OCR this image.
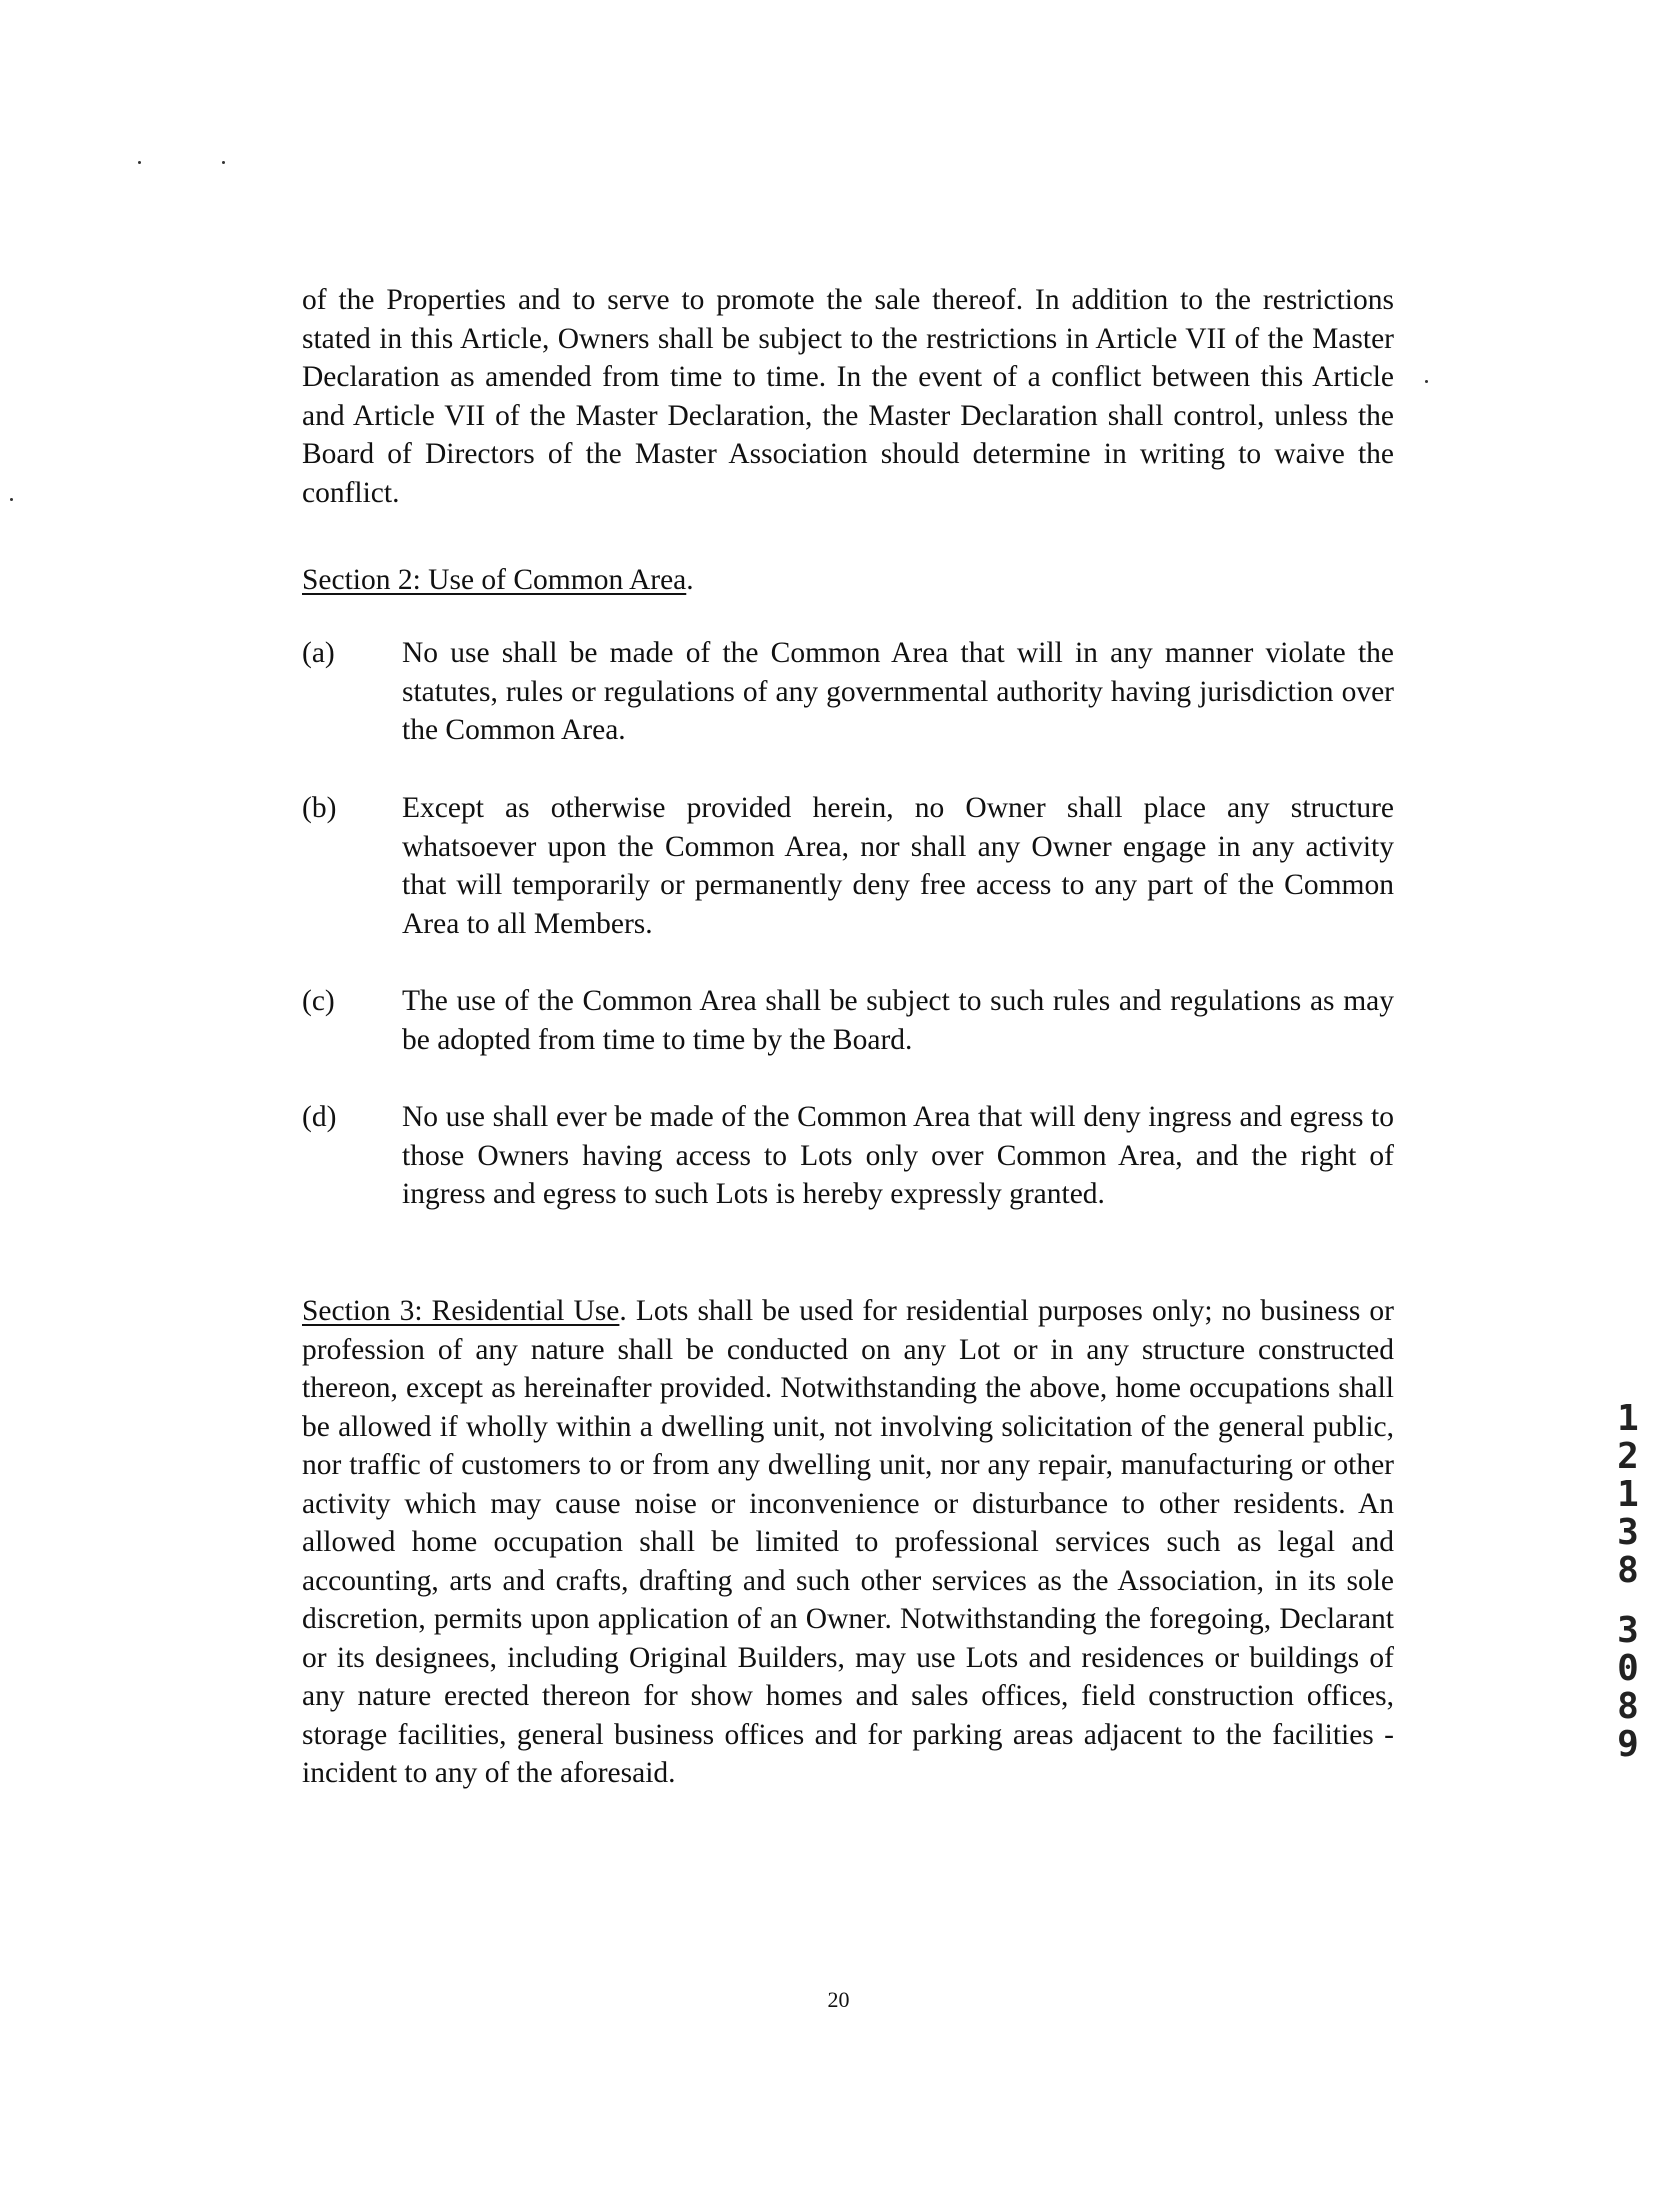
of the Properties and to serve to promote the sale thereof. In addition to the restrictions stated in this Article, Owners shall be subject to the restrictions in Article VII of the Master Declaration as amended from time to time. In the event of a conflict between this Article and Article VII of the Master Declaration, the Master Declaration shall control, unless the Board of Directors of the Master Association should determine in writing to waive the conflict.
Section 2: Use of Common Area.
(a)	No use shall be made of the Common Area that will in any manner violate the statutes, rules or regulations of any governmental authority having jurisdiction over the Common Area.
(b)	Except as otherwise provided herein, no Owner shall place any structure whatsoever upon the Common Area, nor shall any Owner engage in any activity that will temporarily or permanently deny free access to any part of the Common Area to all Members.
(c)	The use of the Common Area shall be subject to such rules and regulations as may be adopted from time to time by the Board.
(d)	No use shall ever be made of the Common Area that will deny ingress and egress to those Owners having access to Lots only over Common Area, and the right of ingress and egress to such Lots is hereby expressly granted.
Section 3: Residential Use. Lots shall be used for residential purposes only; no business or profession of any nature shall be conducted on any Lot or in any structure constructed thereon, except as hereinafter provided. Notwithstanding the above, home occupations shall be allowed if wholly within a dwelling unit, not involving solicitation of the general public, nor traffic of customers to or from any dwelling unit, nor any repair, manufacturing or other activity which may cause noise or inconvenience or disturbance to other residents. An allowed home occupation shall be limited to professional services such as legal and accounting, arts and crafts, drafting and such other services as the Association, in its sole discretion, permits upon application of an Owner. Notwithstanding the foregoing, Declarant or its designees, including Original Builders, may use Lots and residences or buildings of any nature erected thereon for show homes and sales offices, field construction offices, storage facilities, general business offices and for parking areas adjacent to the facilities - incident to any of the aforesaid.
1
2
1
3
8
3
0
8
9
20
